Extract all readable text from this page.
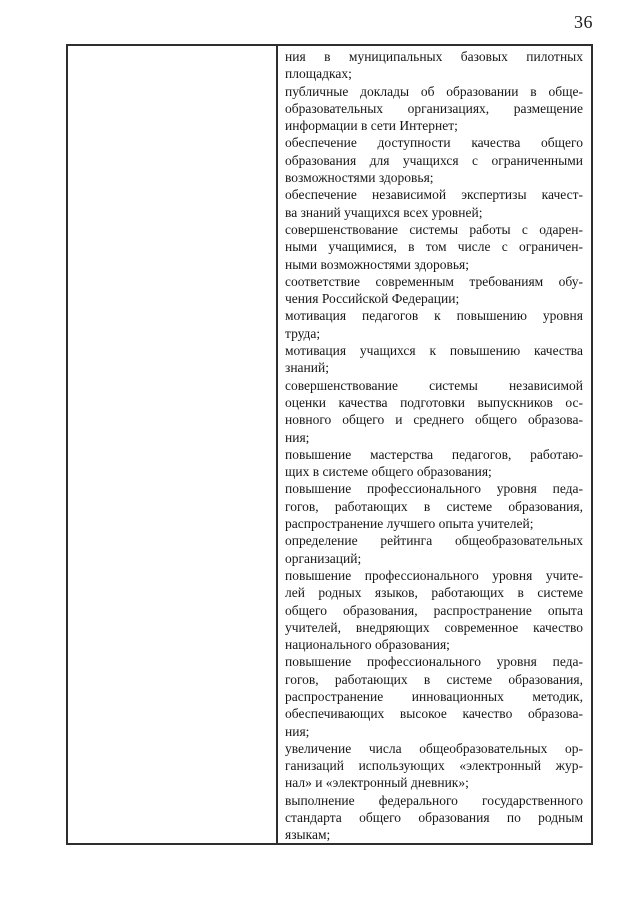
36
ния в муниципальных базовых пилотных
площадках;
публичные доклады об образовании в обще-
образовательных организациях, размещение
информации в сети Интернет;
обеспечение доступности качества общего
образования для учащихся с ограниченными
возможностями здоровья;
обеспечение независимой экспертизы качест-
ва знаний учащихся всех уровней;
совершенствование системы работы с одарен-
ными учащимися, в том числе с ограничен-
ными возможностями здоровья;
соответствие современным требованиям обу-
чения Российской Федерации;
мотивация педагогов к повышению уровня
труда;
мотивация учащихся к повышению качества
знаний;
совершенствование системы независимой
оценки качества подготовки выпускников ос-
новного общего и среднего общего образова-
ния;
повышение мастерства педагогов, работаю-
щих в системе общего образования;
повышение профессионального уровня педа-
гогов, работающих в системе образования,
распространение лучшего опыта учителей;
определение рейтинга общеобразовательных
организаций;
повышение профессионального уровня учите-
лей родных языков, работающих в системе
общего образования, распространение опыта
учителей, внедряющих современное качество
национального образования;
повышение профессионального уровня педа-
гогов, работающих в системе образования,
распространение инновационных методик,
обеспечивающих высокое качество образова-
ния;
увеличение числа общеобразовательных ор-
ганизаций использующих «электронный жур-
нал» и «электронный дневник»;
выполнение федерального государственного
стандарта общего образования по родным
языкам;
